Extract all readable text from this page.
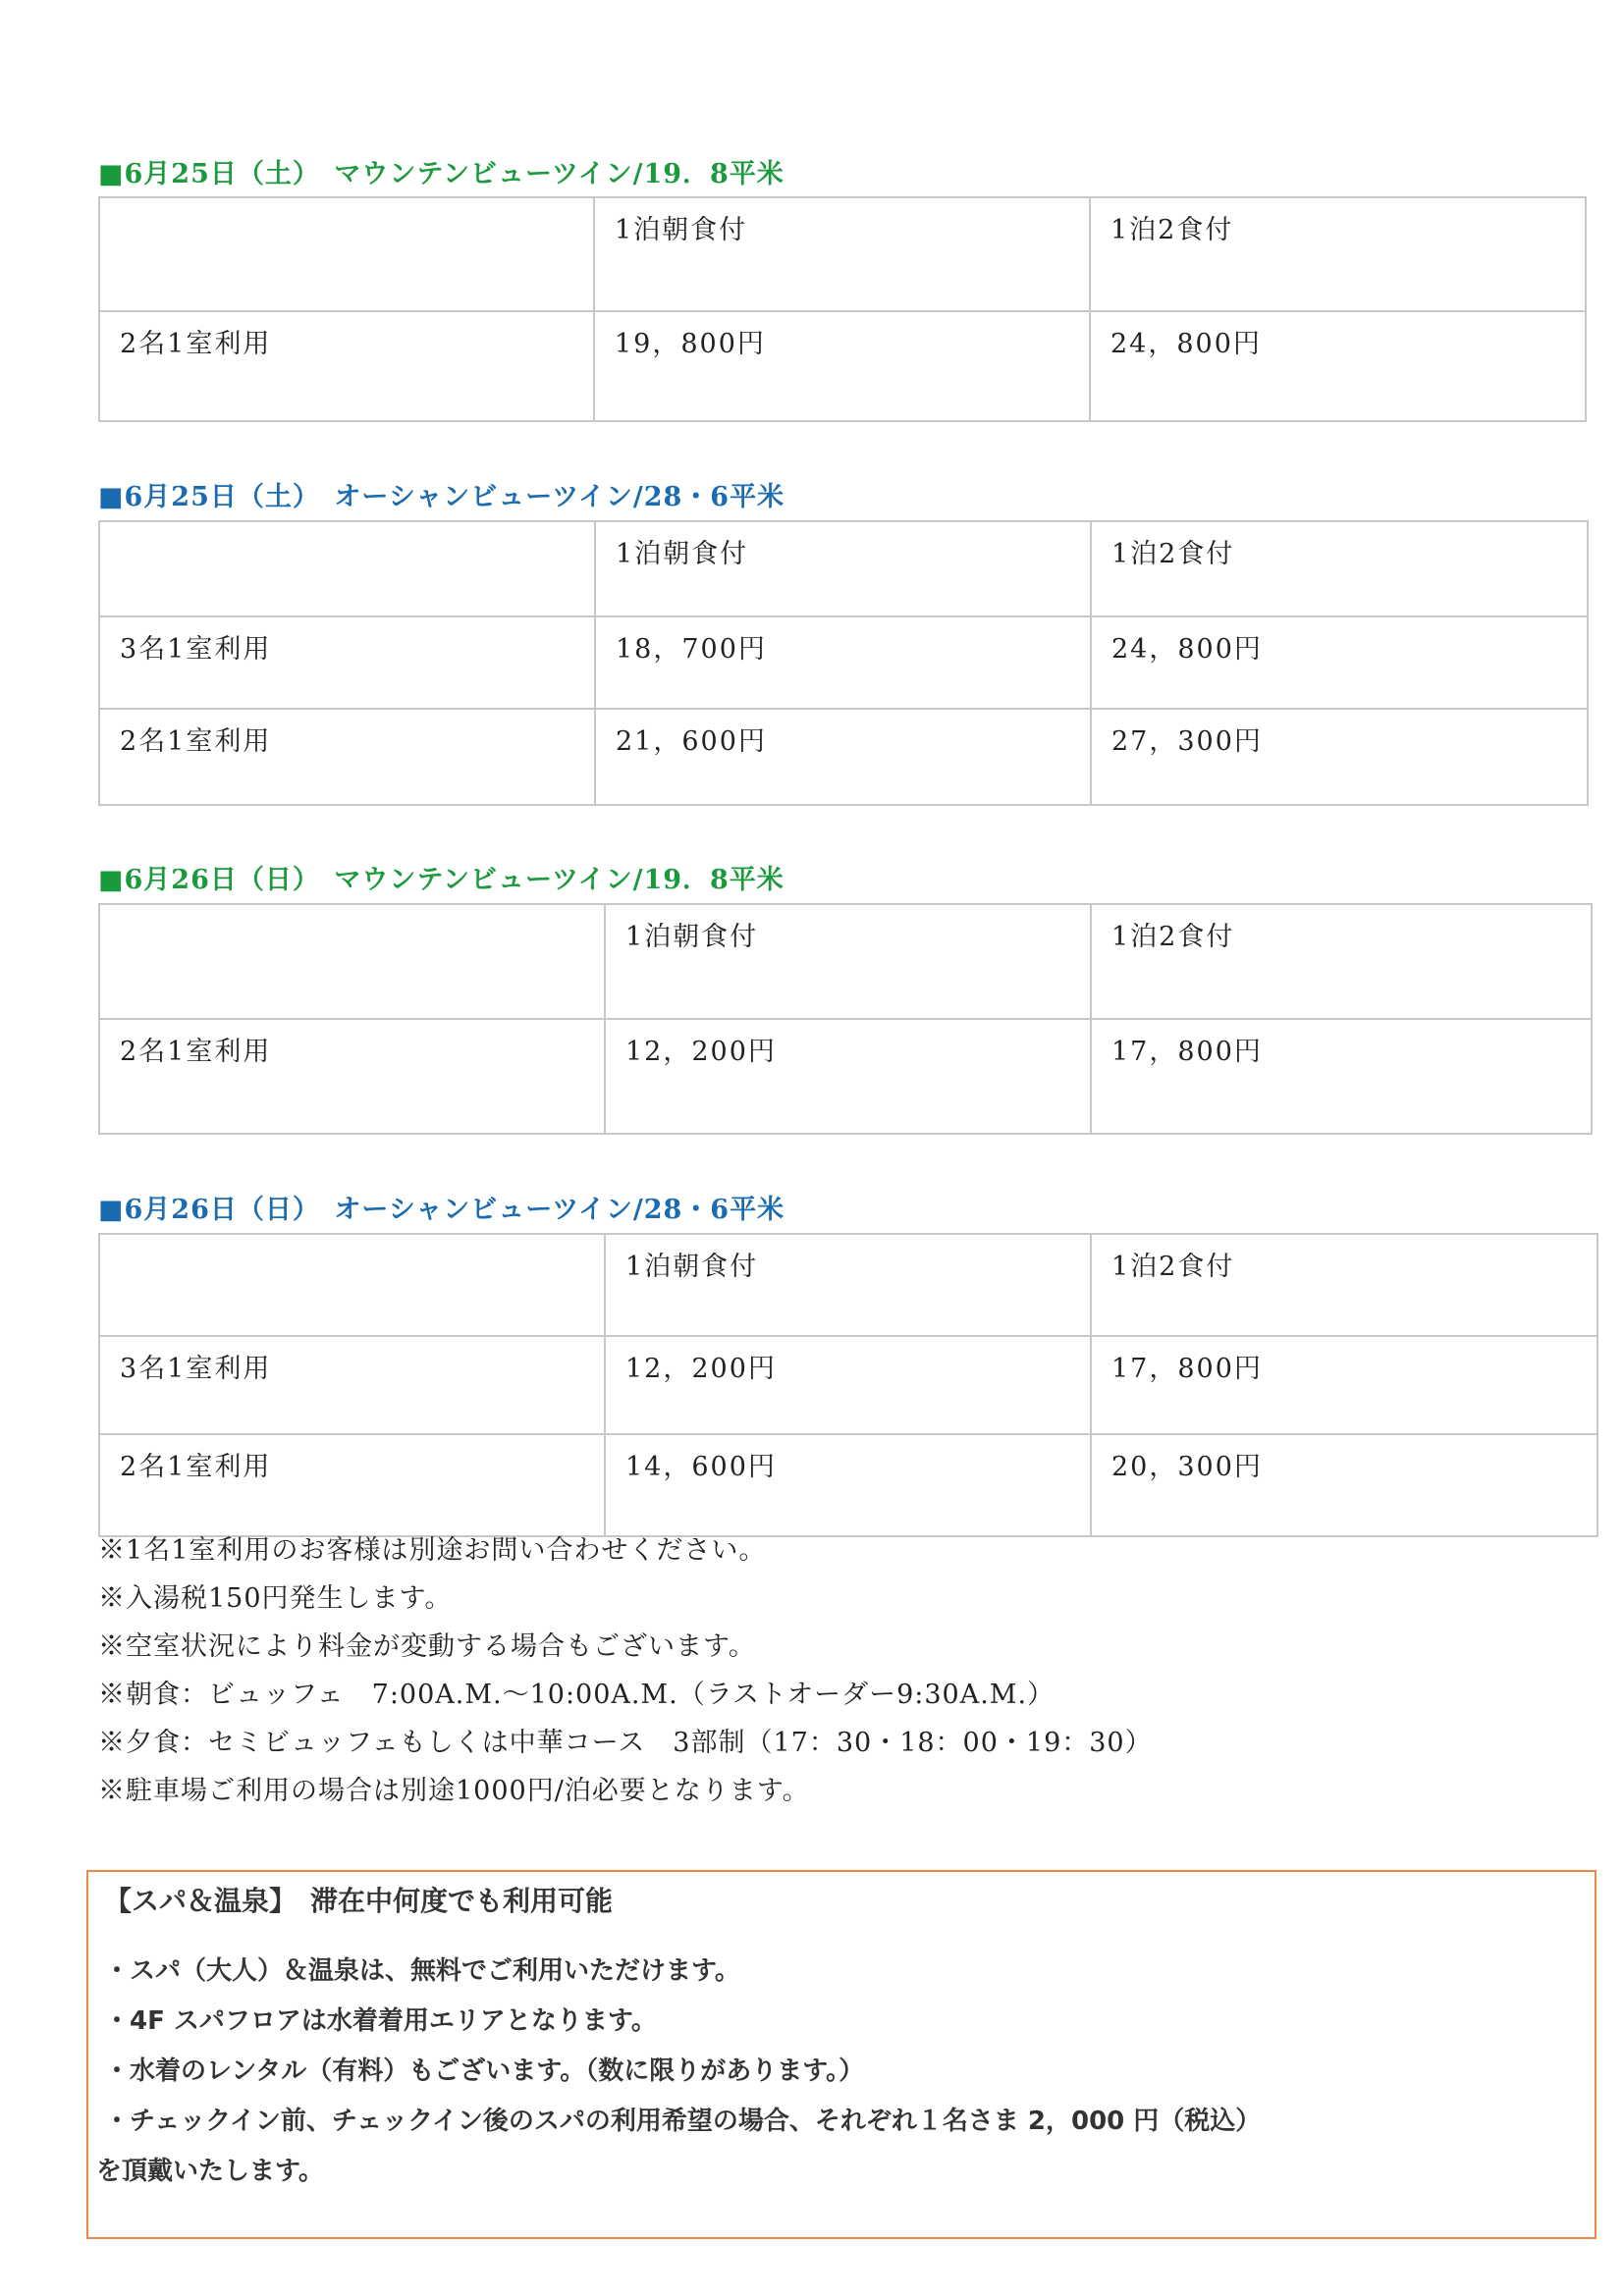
■6月25日（土）　マウンテンビューツイン/19．8平米
	1泊朝食付	1泊2食付
2名1室利用	19，800円	24，800円
■6月25日（土）　オーシャンビューツイン/28・6平米
	1泊朝食付	1泊2食付
3名1室利用	18，700円	24，800円
2名1室利用	21，600円	27，300円
■6月26日（日）　マウンテンビューツイン/19．8平米
	1泊朝食付	1泊2食付
2名1室利用	12，200円	17，800円
■6月26日（日）　オーシャンビューツイン/28・6平米
	1泊朝食付	1泊2食付
3名1室利用	12，200円	17，800円
2名1室利用	14，600円	20，300円
※1名1室利用のお客様は別途お問い合わせください。
※入湯税150円発生します。
※空室状況により料金が変動する場合もございます。
※朝食：ビュッフェ　7:00A.M.～10:00A.M.（ラストオーダー9:30A.M.）
※夕食：セミビュッフェもしくは中華コース　3部制（17：30・18：00・19：30）
※駐車場ご利用の場合は別途1000円/泊必要となります。
【スパ＆温泉】　滞在中何度でも利用可能
・スパ（大人）＆温泉は、無料でご利用いただけます。
・4F スパフロアは水着着用エリアとなります。
・水着のレンタル（有料）もございます。（数に限りがあります。）
・チェックイン前、チェックイン後のスパの利用希望の場合、それぞれ１名さま 2，000 円（税込）
を頂戴いたします。
